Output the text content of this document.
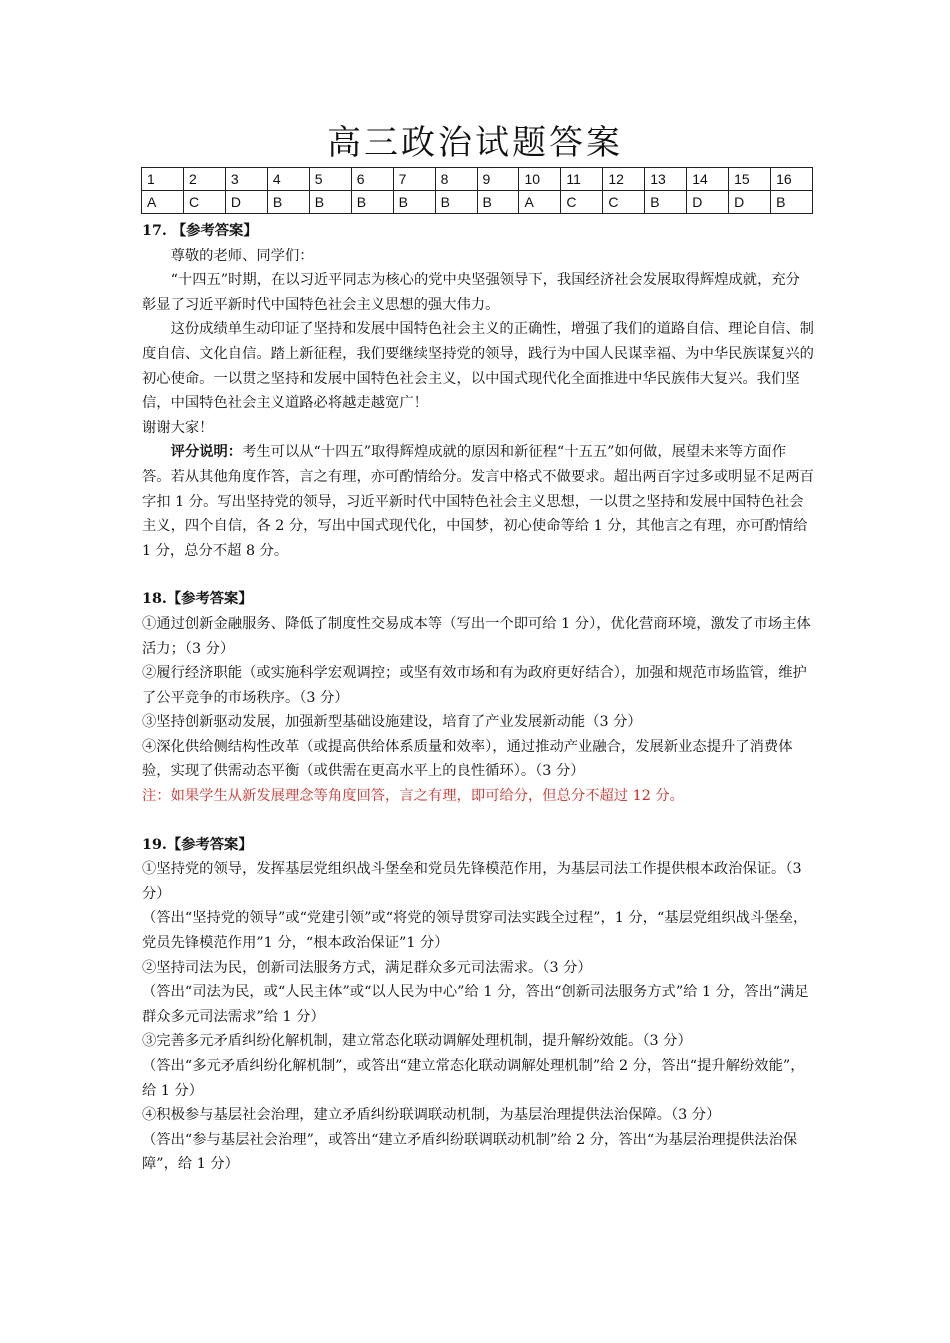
高三政治试题答案
1	2	3	4	5	6	7	8	9	10	11	12	13	14	15	16
A	C	D	B	B	B	B	B	B	A	C	C	B	D	D	B

17. 【参考答案】

尊敬的老师、同学们：

“十四五”时期，在以习近平同志为核心的党中央坚强领导下，我国经济社会发展取得辉煌成就，充分彰显了习近平新时代中国特色社会主义思想的强大伟力。

这份成绩单生动印证了坚持和发展中国特色社会主义的正确性，增强了我们的道路自信、理论自信、制度自信、文化自信。踏上新征程，我们要继续坚持党的领导，践行为中国人民谋幸福、为中华民族谋复兴的初心使命。一以贯之坚持和发展中国特色社会主义，以中国式现代化全面推进中华民族伟大复兴。我们坚信，中国特色社会主义道路必将越走越宽广！

谢谢大家！

评分说明：考生可以从“十四五”取得辉煌成就的原因和新征程“十五五”如何做，展望未来等方面作答。若从其他角度作答，言之有理，亦可酌情给分。发言中格式不做要求。超出两百字过多或明显不足两百字扣 1 分。写出坚持党的领导，习近平新时代中国特色社会主义思想，一以贯之坚持和发展中国特色社会主义，四个自信，各 2 分，写出中国式现代化，中国梦，初心使命等给 1 分，其他言之有理，亦可酌情给 1 分，总分不超 8 分。

18.【参考答案】

①通过创新金融服务、降低了制度性交易成本等（写出一个即可给 1 分），优化营商环境，激发了市场主体活力；（3 分）

②履行经济职能（或实施科学宏观调控；或坚有效市场和有为政府更好结合），加强和规范市场监管，维护了公平竞争的市场秩序。（3 分）

③坚持创新驱动发展，加强新型基础设施建设，培育了产业发展新动能（3 分）

④深化供给侧结构性改革（或提高供给体系质量和效率），通过推动产业融合，发展新业态提升了消费体验，实现了供需动态平衡（或供需在更高水平上的良性循环）。（3 分）

注：如果学生从新发展理念等角度回答，言之有理，即可给分，但总分不超过 12 分。

19.【参考答案】

①坚持党的领导，发挥基层党组织战斗堡垒和党员先锋模范作用，为基层司法工作提供根本政治保证。（3 分）

（答出“坚持党的领导”或“党建引领”或“将党的领导贯穿司法实践全过程”，1 分，“基层党组织战斗堡垒，党员先锋模范作用”1 分，“根本政治保证”1 分）

②坚持司法为民，创新司法服务方式，满足群众多元司法需求。（3 分）

（答出“司法为民，或“人民主体”或“以人民为中心”给 1 分，答出“创新司法服务方式”给 1 分，答出“满足群众多元司法需求”给 1 分）

③完善多元矛盾纠纷化解机制，建立常态化联动调解处理机制，提升解纷效能。（3 分）

（答出“多元矛盾纠纷化解机制”，或答出“建立常态化联动调解处理机制”给 2 分，答出“提升解纷效能”，给 1 分）

④积极参与基层社会治理，建立矛盾纠纷联调联动机制，为基层治理提供法治保障。（3 分）

（答出“参与基层社会治理”，或答出“建立矛盾纠纷联调联动机制”给 2 分，答出“为基层治理提供法治保障”，给 1 分）
